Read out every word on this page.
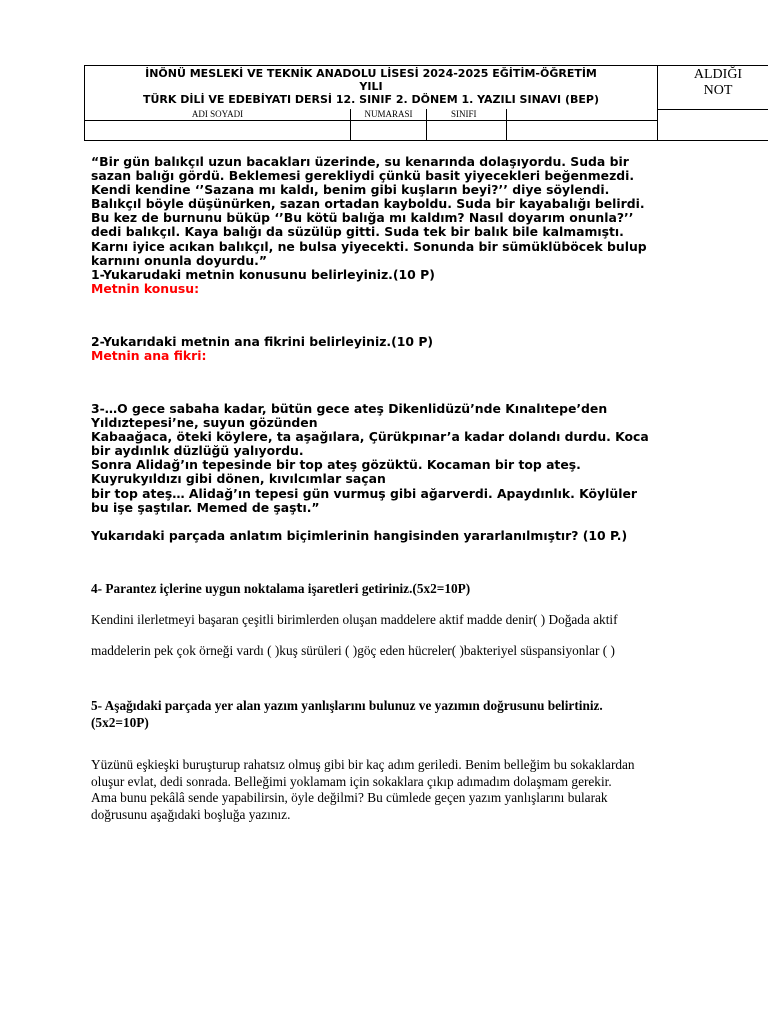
İNÖNÜ MESLEKİ VE TEKNİK ANADOLU LİSESİ 2024-2025 EĞİTİM-ÖĞRETİM
YILI
TÜRK DİLİ VE EDEBİYATI DERSİ 12. SINIF 2. DÖNEM 1. YAZILI SINAVI (BEP)
ALDIĞI
NOT
ADI SOYADI	NUMARASI	SINIFI
“Bir gün balıkçıl uzun bacakları üzerinde, su kenarında dolaşıyordu. Suda bir
sazan balığı gördü. Beklemesi gerekliydi çünkü basit yiyecekleri beğenmezdi.
Kendi kendine ‘’Sazana mı kaldı, benim gibi kuşların beyi?’’ diye söylendi.
Balıkçıl böyle düşünürken, sazan ortadan kayboldu. Suda bir kayabalığı belirdi.
Bu kez de burnunu büküp ‘’Bu kötü balığa mı kaldım? Nasıl doyarım onunla?’’
dedi balıkçıl. Kaya balığı da süzülüp gitti. Suda tek bir balık bile kalmamıştı.
Karnı iyice acıkan balıkçıl, ne bulsa yiyecekti. Sonunda bir sümüklüböcek bulup
karnını onunla doyurdu.”
1-Yukarudaki metnin konusunu belirleyiniz.(10 P)
Metnin konusu:
2-Yukarıdaki metnin ana fikrini belirleyiniz.(10 P)
Metnin ana fikri:
3-…O gece sabaha kadar, bütün gece ateş Dikenlidüzü’nde Kınalıtepe’den
Yıldıztepesi’ne, suyun gözünden
Kabaağaca, öteki köylere, ta aşağılara, Çürükpınar’a kadar dolandı durdu. Koca
bir aydınlık düzlüğü yalıyordu.
Sonra Alidağ’ın tepesinde bir top ateş gözüktü. Kocaman bir top ateş.
Kuyrukyıldızı gibi dönen, kıvılcımlar saçan
bir top ateş… Alidağ’ın tepesi gün vurmuş gibi ağarverdi. Apaydınlık. Köylüler
bu işe şaştılar. Memed de şaştı.”
Yukarıdaki parçada anlatım biçimlerinin hangisinden yararlanılmıştır? (10 P.)
4- Parantez içlerine uygun noktalama işaretleri getiriniz.(5x2=10P)
Kendini ilerletmeyi başaran çeşitli birimlerden oluşan maddelere aktif madde denir( ) Doğada aktif
maddelerin pek çok örneği vardı ( )kuş sürüleri ( )göç eden hücreler( )bakteriyel süspansiyonlar ( )
5- Aşağıdaki parçada yer alan yazım yanlışlarını bulunuz ve yazımın doğrusunu belirtiniz.
(5x2=10P)
Yüzünü eşkieşki buruşturup rahatsız olmuş gibi bir kaç adım geriledi. Benim belleğim bu sokaklardan
oluşur evlat, dedi sonrada. Belleğimi yoklamam için sokaklara çıkıp adımadım dolaşmam gerekir.
Ama bunu pekâlâ sende yapabilirsin, öyle değilmi? Bu cümlede geçen yazım yanlışlarını bularak
doğrusunu aşağıdaki boşluğa yazınız.
